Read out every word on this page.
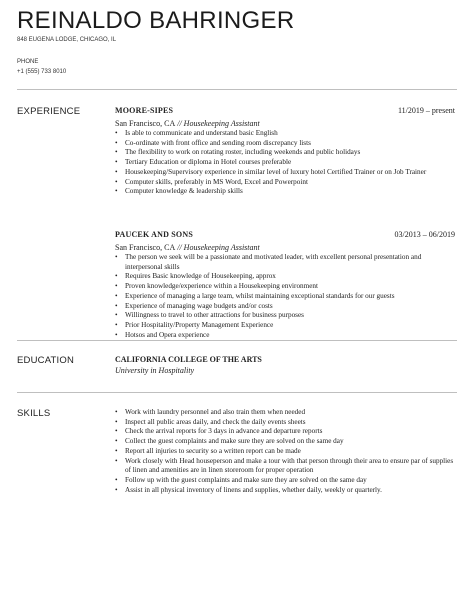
REINALDO BAHRINGER
848 EUGENA LODGE, CHICAGO, IL
PHONE
+1 (555) 733 8010
EXPERIENCE	MOORE-SIPES	11/2019 – present
San Francisco, CA // Housekeeping Assistant
• Is able to communicate and understand basic English
• Co-ordinate with front office and sending room discrepancy lists
• The flexibility to work on rotating roster, including weekends and public holidays
• Tertiary Education or diploma in Hotel courses preferable
• Housekeeping/Supervisory experience in similar level of luxury hotel Certified Trainer or on Job Trainer
• Computer skills, preferably in MS Word, Excel and Powerpoint
• Computer knowledge & leadership skills
PAUCEK AND SONS	03/2013 – 06/2019
San Francisco, CA // Housekeeping Assistant
• The person we seek will be a passionate and motivated leader, with excellent personal presentation and interpersonal skills
• Requires Basic knowledge of Housekeeping, approx
• Proven knowledge/experience within a Housekeeping environment
• Experience of managing a large team, whilst maintaining exceptional standards for our guests
• Experience of managing wage budgets and/or costs
• Willingness to travel to other attractions for business purposes
• Prior Hospitality/Property Management Experience
• Hotsos and Opera experience
EDUCATION	CALIFORNIA COLLEGE OF THE ARTS
University in Hospitality
SKILLS
•	Work with laundry personnel and also train them when needed
• Inspect all public areas daily, and check the daily events sheets
• Check the arrival reports for 3 days in advance and departure reports
• Collect the guest complaints and make sure they are solved on the same day
• Report all injuries to security so a written report can be made
• Work closely with Head houseperson and make a tour with that person through their area to ensure par of supplies of linen and amenities are in linen storeroom for proper operation
• Follow up with the guest complaints and make sure they are solved on the same day
• Assist in all physical inventory of linens and supplies, whether daily, weekly or quarterly.
